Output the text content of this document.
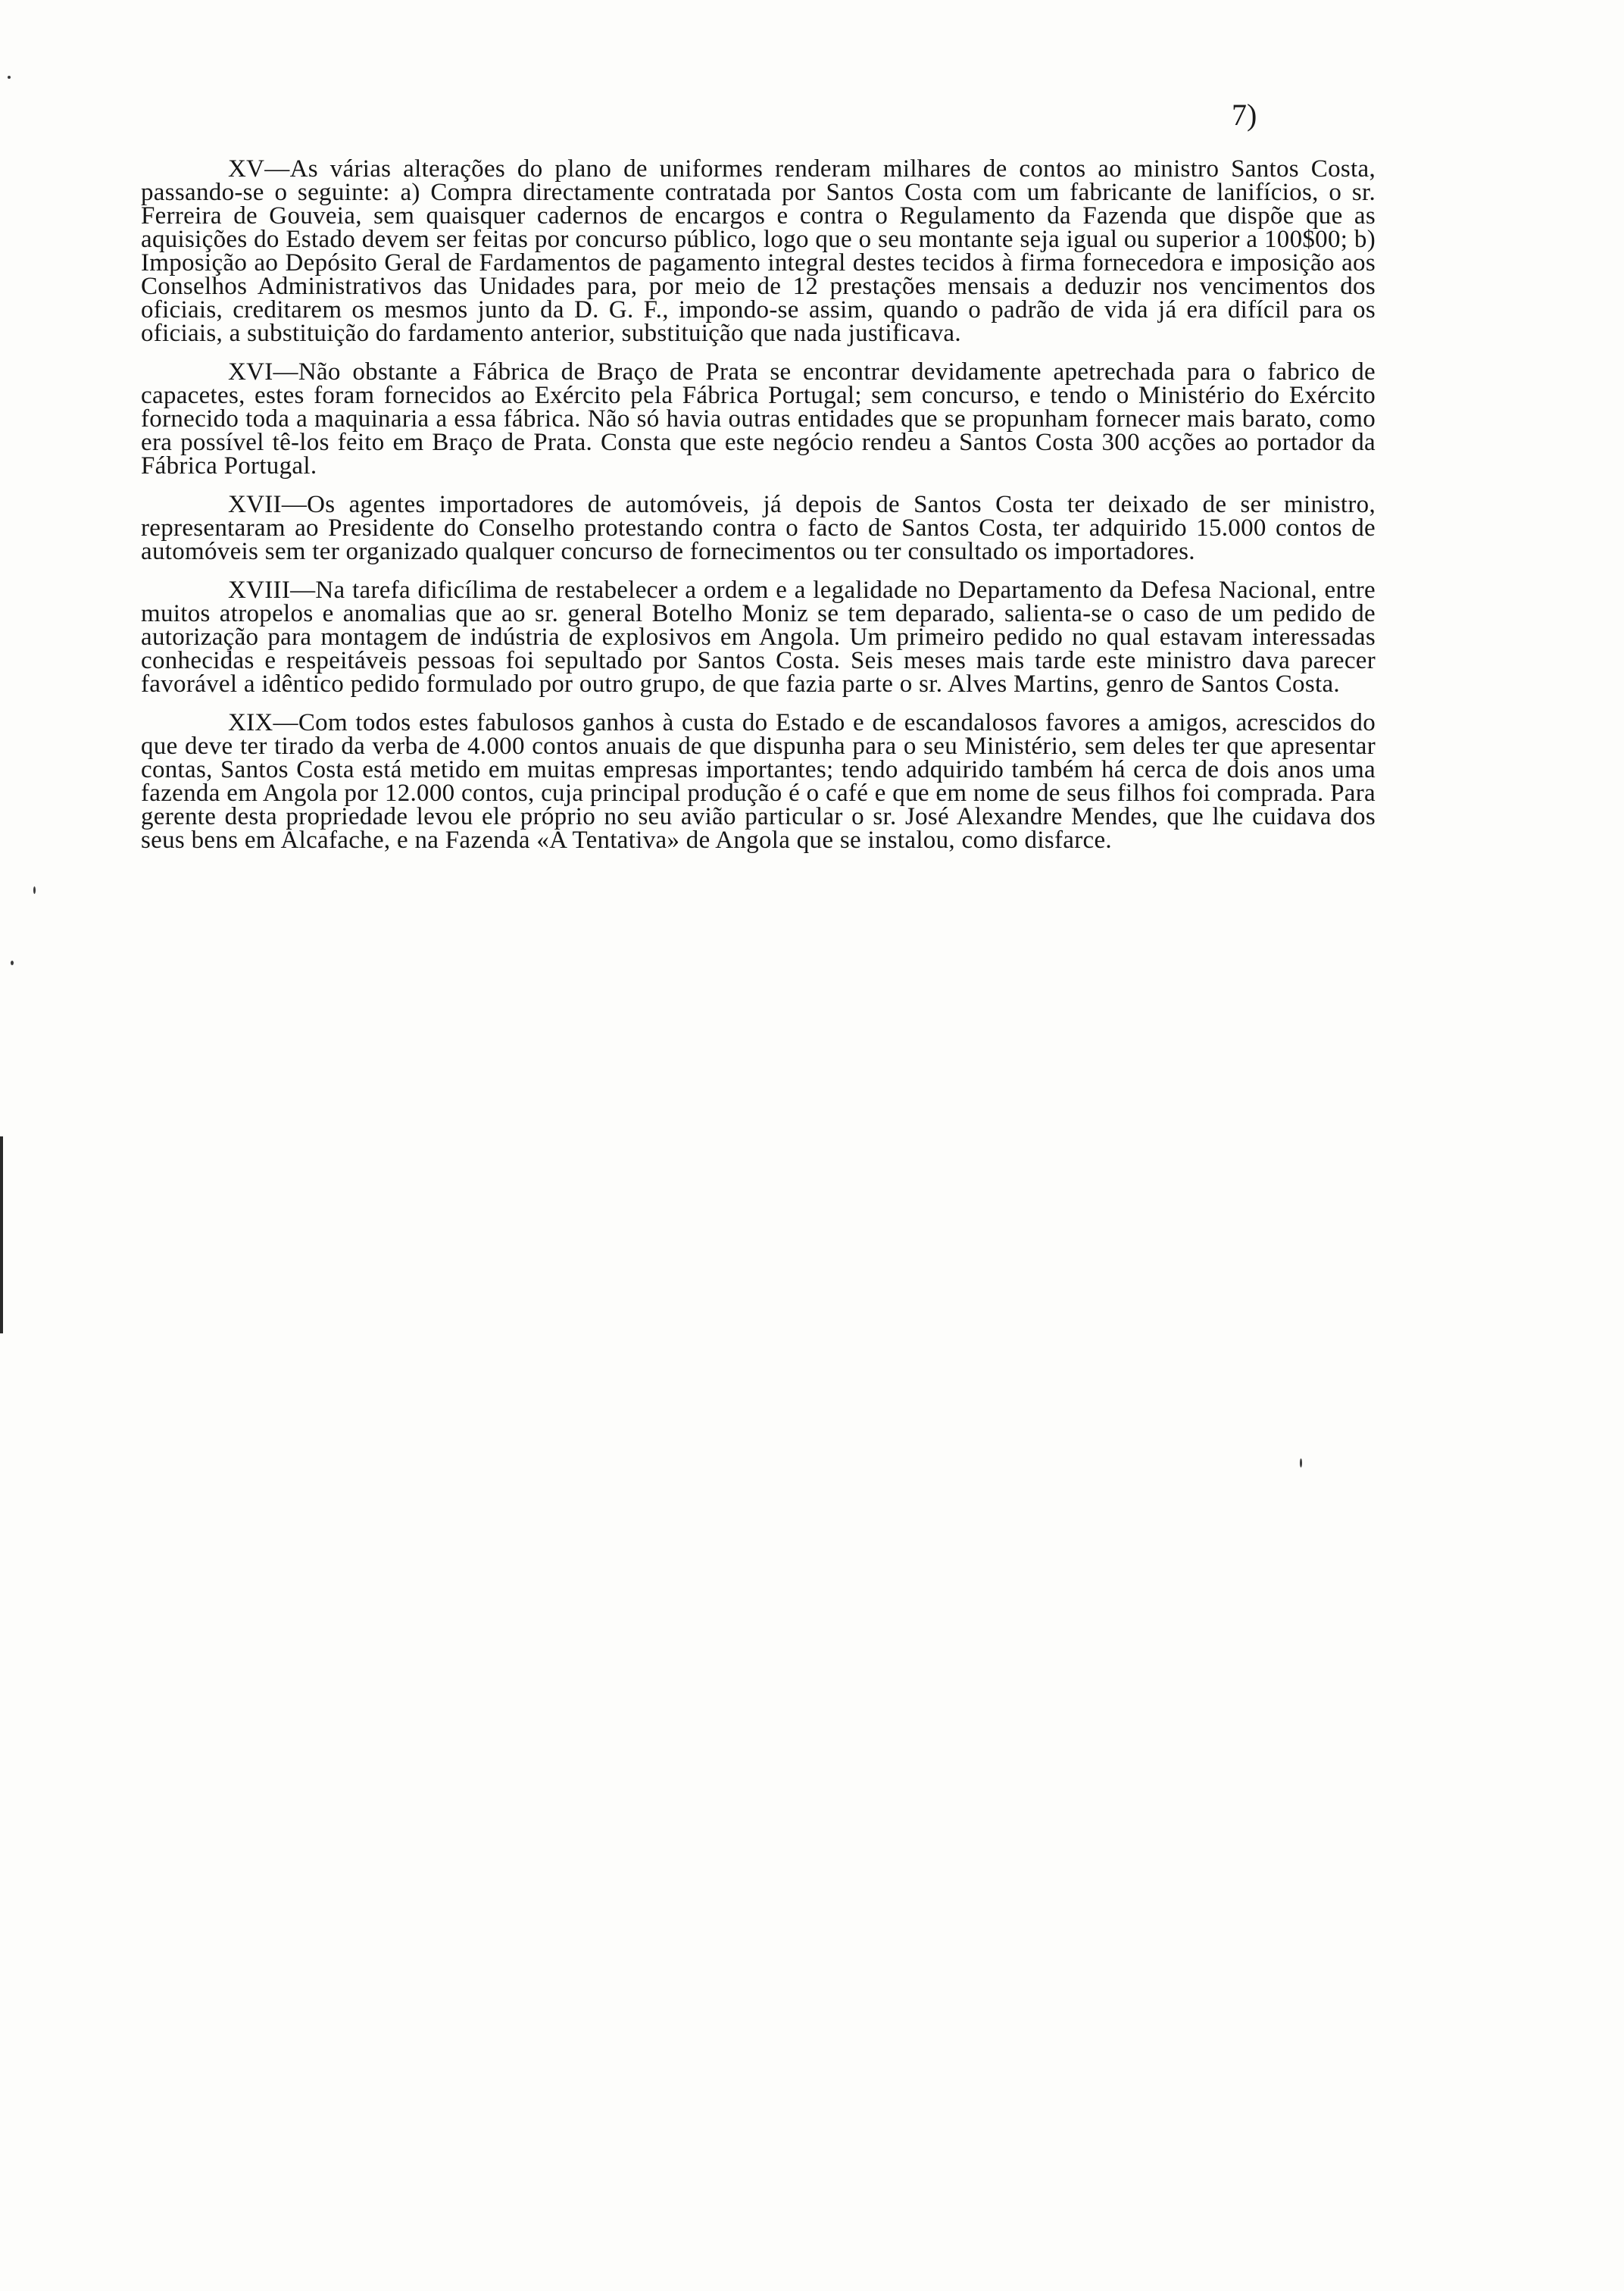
7)

XV—As várias alterações do plano de uniformes renderam milhares de contos ao ministro Santos Costa, passando-se o seguinte: a) Compra directamente contratada por Santos Costa com um fabricante de lanifícios, o sr. Ferreira de Gouveia, sem quaisquer cadernos de encargos e contra o Regulamento da Fazenda que dispõe que as aquisições do Estado devem ser feitas por concurso público, logo que o seu montante seja igual ou superior a 100$00; b) Imposição ao Depósito Geral de Fardamentos de pagamento integral destes tecidos à firma fornecedora e imposição aos Conselhos Administrativos das Unidades para, por meio de 12 prestações mensais a deduzir nos vencimentos dos oficiais, creditarem os mesmos junto da D. G. F., impondo-se assim, quando o padrão de vida já era difícil para os oficiais, a substituição do fardamento anterior, substituição que nada justificava.

XVI—Não obstante a Fábrica de Braço de Prata se encontrar devidamente apetrechada para o fabrico de capacetes, estes foram fornecidos ao Exército pela Fábrica Portugal; sem concurso, e tendo o Ministério do Exército fornecido toda a maquinaria a essa fábrica. Não só havia outras entidades que se propunham fornecer mais barato, como era possível tê-los feito em Braço de Prata. Consta que este negócio rendeu a Santos Costa 300 acções ao portador da Fábrica Portugal.

XVII—Os agentes importadores de automóveis, já depois de Santos Costa ter deixado de ser ministro, representaram ao Presidente do Conselho protestando contra o facto de Santos Costa, ter adquirido 15.000 contos de automóveis sem ter organizado qualquer concurso de fornecimentos ou ter consultado os importadores.

XVIII—Na tarefa dificílima de restabelecer a ordem e a legalidade no Departamento da Defesa Nacional, entre muitos atropelos e anomalias que ao sr. general Botelho Moniz se tem deparado, salienta-se o caso de um pedido de autorização para montagem de indústria de explosivos em Angola. Um primeiro pedido no qual estavam interessadas conhecidas e respeitáveis pessoas foi sepultado por Santos Costa. Seis meses mais tarde este ministro dava parecer favorável a idêntico pedido formulado por outro grupo, de que fazia parte o sr. Alves Martins, genro de Santos Costa.

XIX—Com todos estes fabulosos ganhos à custa do Estado e de escandalosos favores a amigos, acrescidos do que deve ter tirado da verba de 4.000 contos anuais de que dispunha para o seu Ministério, sem deles ter que apresentar contas, Santos Costa está metido em muitas empresas importantes; tendo adquirido também há cerca de dois anos uma fazenda em Angola por 12.000 contos, cuja principal produção é o café e que em nome de seus filhos foi comprada. Para gerente desta propriedade levou ele próprio no seu avião particular o sr. José Alexandre Mendes, que lhe cuidava dos seus bens em Alcafache, e na Fazenda «A Tentativa» de Angola que se instalou, como disfarce.
